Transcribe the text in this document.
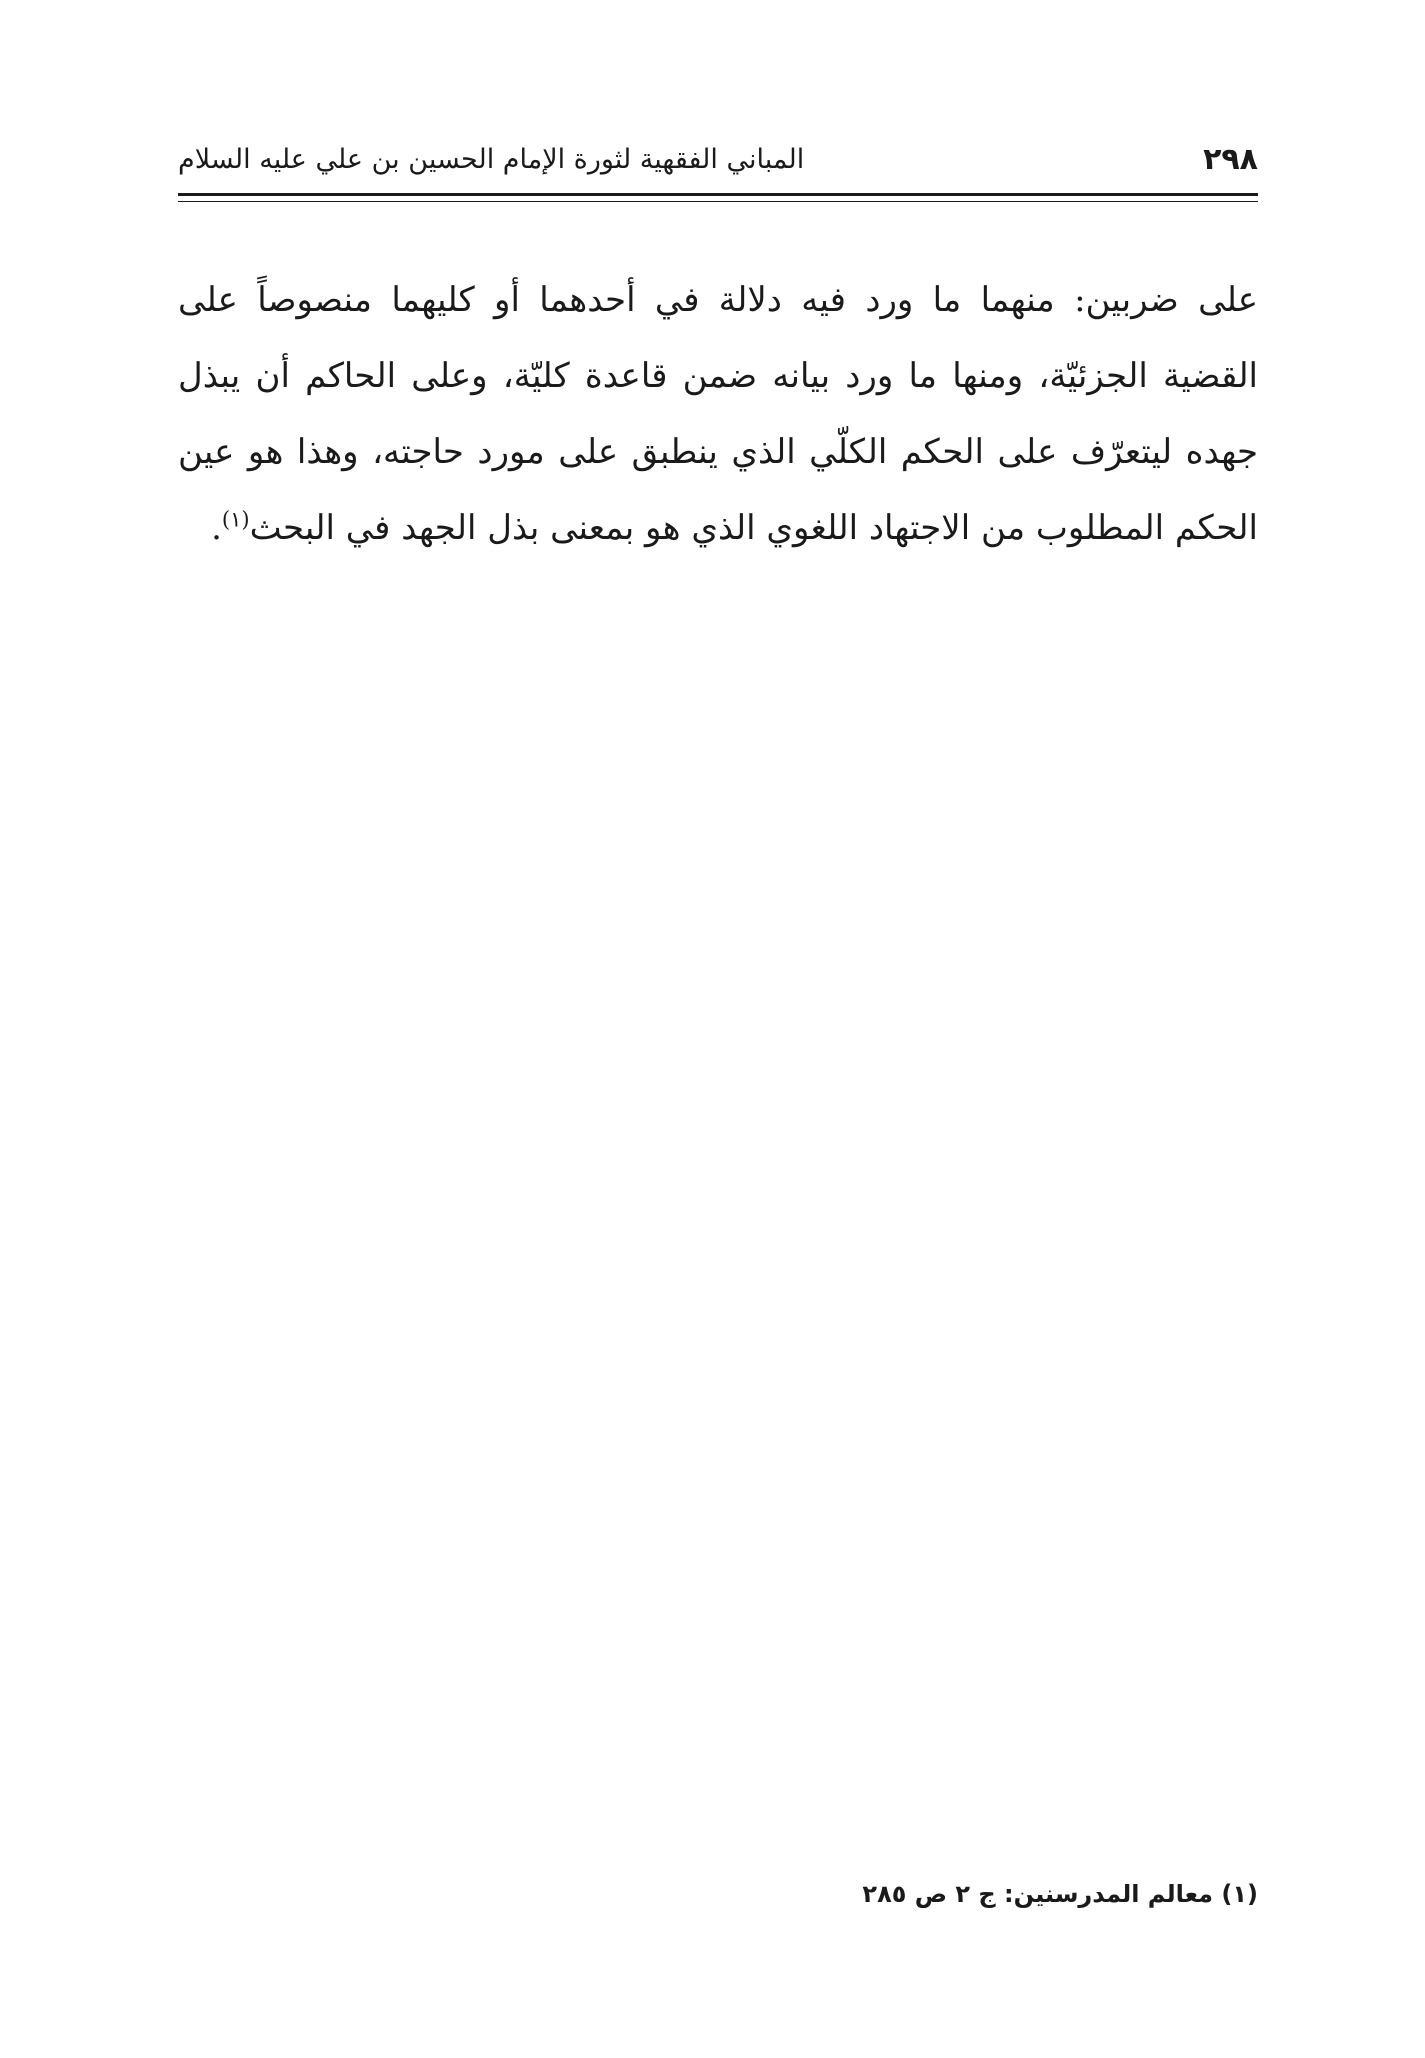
٢٩٨
المباني الفقهية لثورة الإمام الحسين بن علي عليه السلام

على ضربين: منهما ما ورد فيه دلالة في أحدهما أو كليهما منصوصاً على القضية الجزئيّة، ومنها ما ورد بيانه ضمن قاعدة كليّة، وعلى الحاكم أن يبذل جهده ليتعرّف على الحكم الكلّي الذي ينطبق على مورد حاجته، وهذا هو عين الحكم المطلوب من الاجتهاد اللغوي الذي هو بمعنى بذل الجهد في البحث$^{(١)}$.

(١) معالم المدرسنين: ج ٢ ص ٢٨٥
